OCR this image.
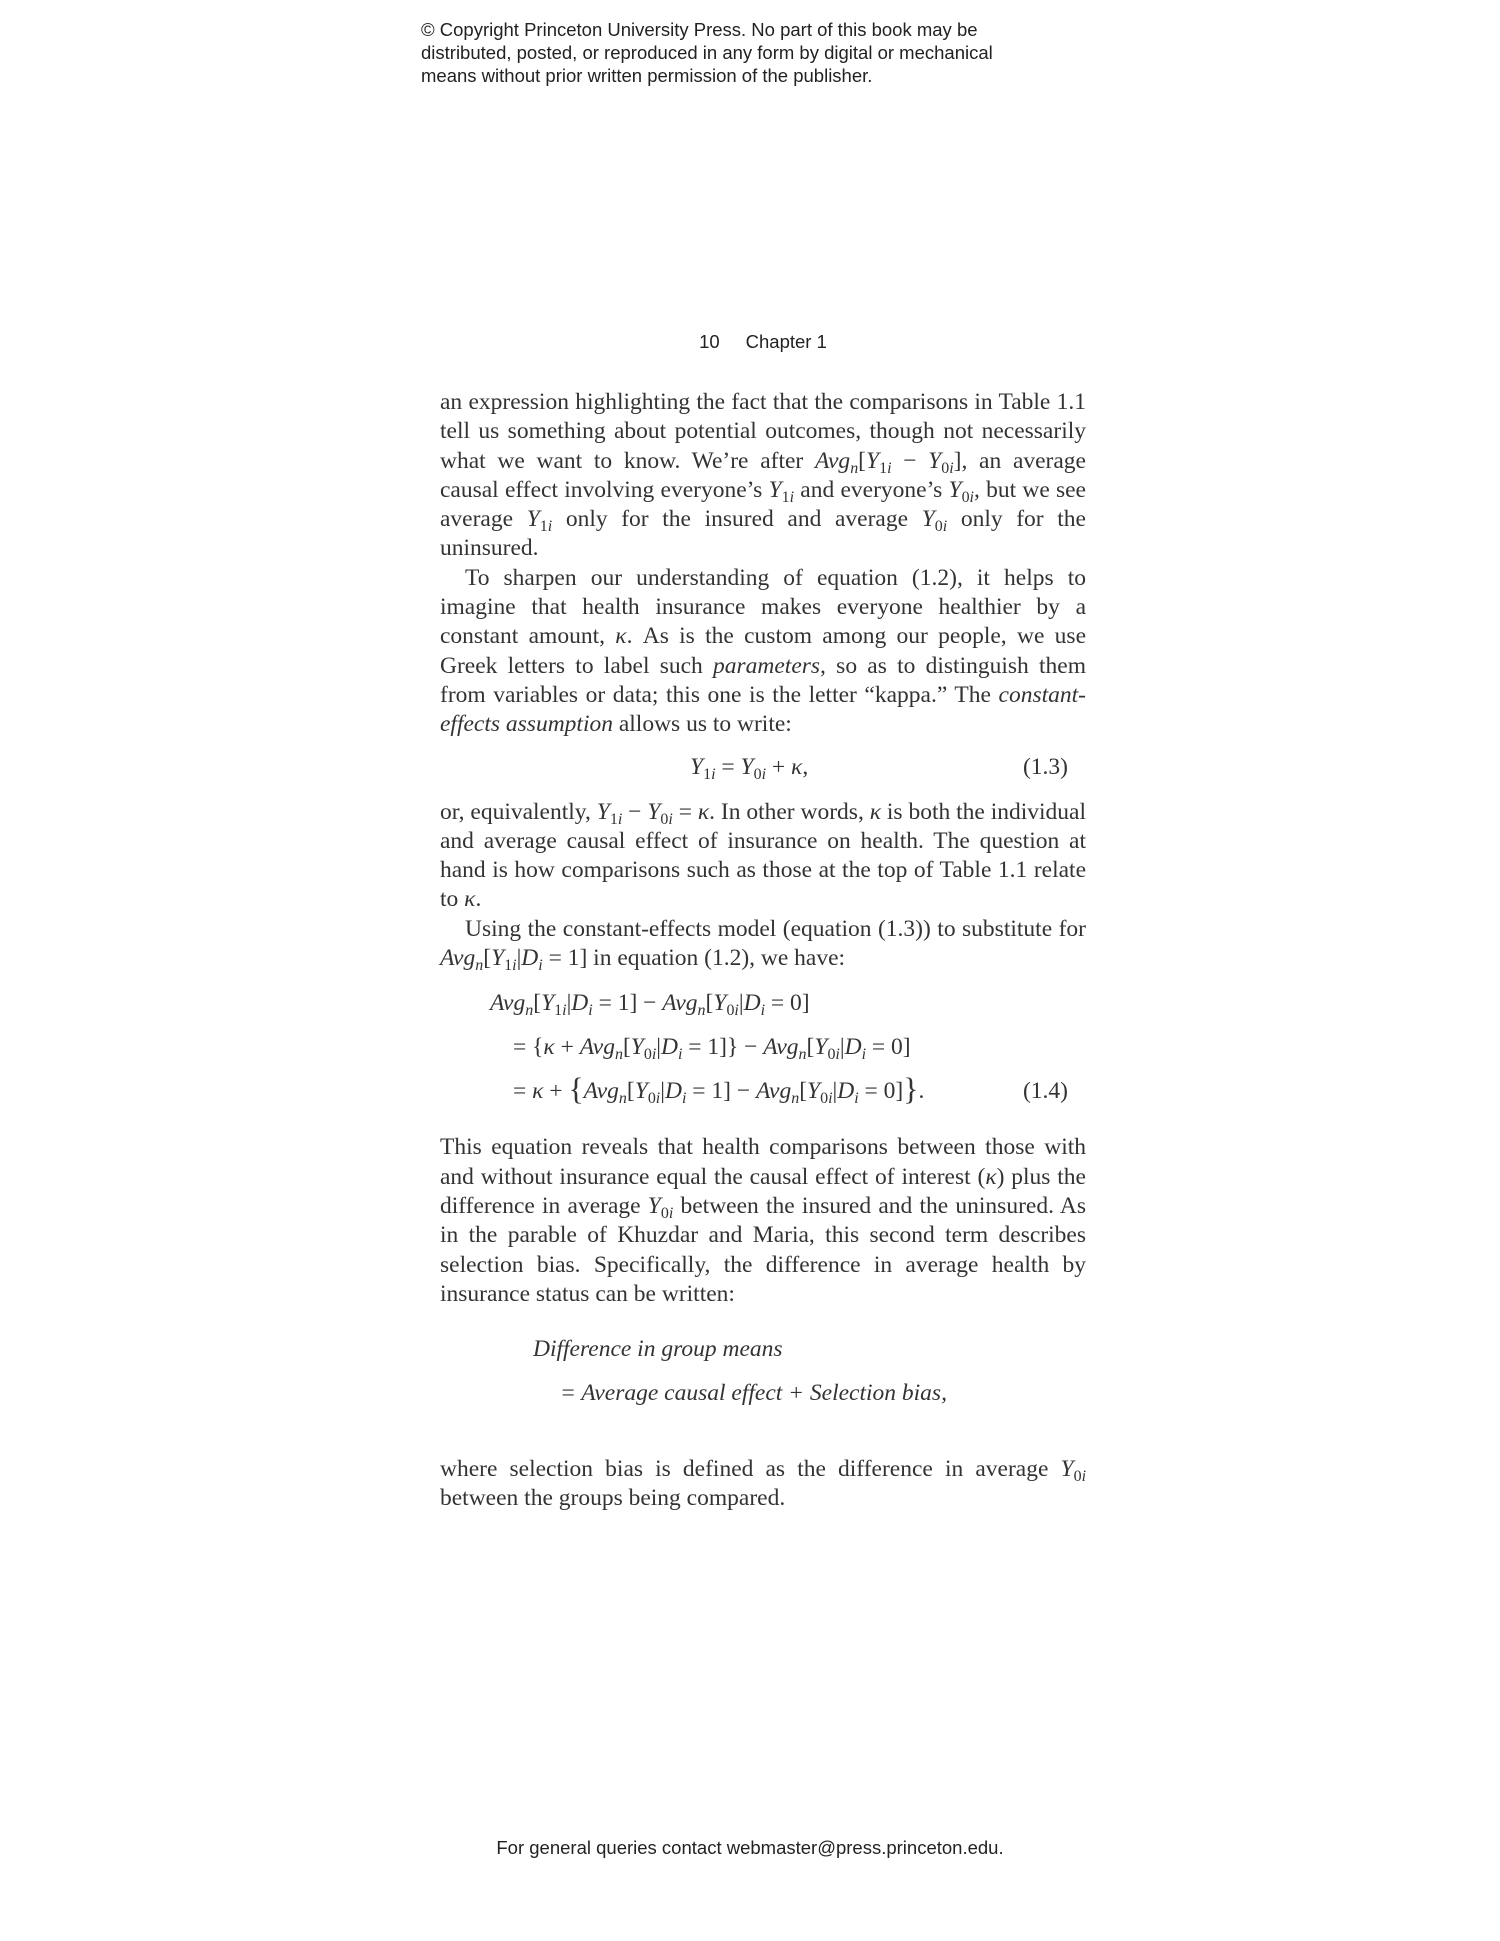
© Copyright Princeton University Press. No part of this book may be
distributed, posted, or reproduced in any form by digital or mechanical
means without prior written permission of the publisher.
10 Chapter 1

an expression highlighting the fact that the comparisons in Table 1.1 tell us something about potential outcomes, though not necessarily what we want to know. We’re after $Avg_n[Y_{1i} - Y_{0i}]$, an average causal effect involving everyone’s $Y_{1i}$ and everyone’s $Y_{0i}$, but we see average $Y_{1i}$ only for the insured and average $Y_{0i}$ only for the uninsured.

To sharpen our understanding of equation (1.2), it helps to imagine that health insurance makes everyone healthier by a constant amount, κ. As is the custom among our people, we use Greek letters to label such parameters, so as to distinguish them from variables or data; this one is the letter “kappa.” The constant-effects assumption allows us to write:

$Y_{1i} = Y_{0i} + \kappa$,	(1.3)

or, equivalently, $Y_{1i} - Y_{0i} = \kappa$. In other words, κ is both the individual and average causal effect of insurance on health. The question at hand is how comparisons such as those at the top of Table 1.1 relate to κ.

Using the constant-effects model (equation (1.3)) to substitute for $Avg_n[Y_{1i}|D_i = 1]$ in equation (1.2), we have:

$Avg_n[Y_{1i}|D_i = 1] - Avg_n[Y_{0i}|D_i = 0]$
= $\{\kappa + Avg_n[Y_{0i}|D_i = 1]\} - Avg_n[Y_{0i}|D_i = 0]$
= $\kappa + \{Avg_n[Y_{0i}|D_i = 1] - Avg_n[Y_{0i}|D_i = 0]\}$.	(1.4)

This equation reveals that health comparisons between those with and without insurance equal the causal effect of interest (κ) plus the difference in average $Y_{0i}$ between the insured and the uninsured. As in the parable of Khuzdar and Maria, this second term describes selection bias. Specifically, the difference in average health by insurance status can be written:

Difference in group means
= Average causal effect + Selection bias,

where selection bias is defined as the difference in average $Y_{0i}$ between the groups being compared.

For general queries contact webmaster@press.princeton.edu.
